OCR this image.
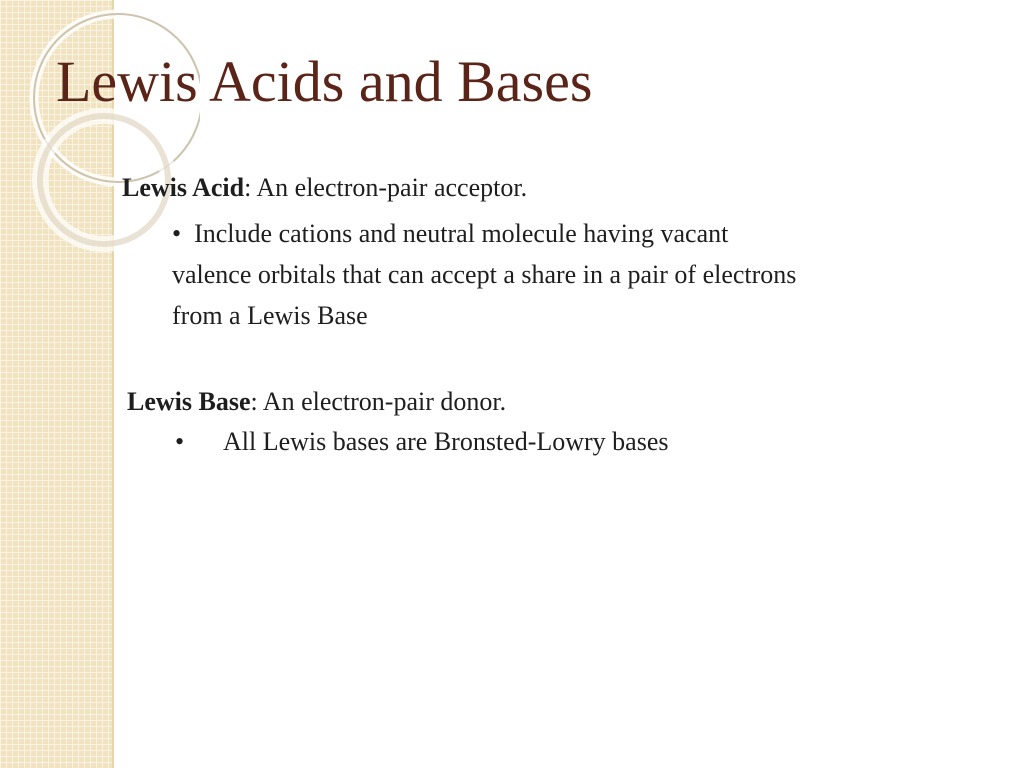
Lewis Acids and Bases

Lewis Acid: An electron-pair acceptor.

• Include cations and neutral molecule having vacant valence orbitals that can accept a share in a pair of electrons from a Lewis Base

Lewis Base: An electron-pair donor.

• All Lewis bases are Bronsted-Lowry bases
